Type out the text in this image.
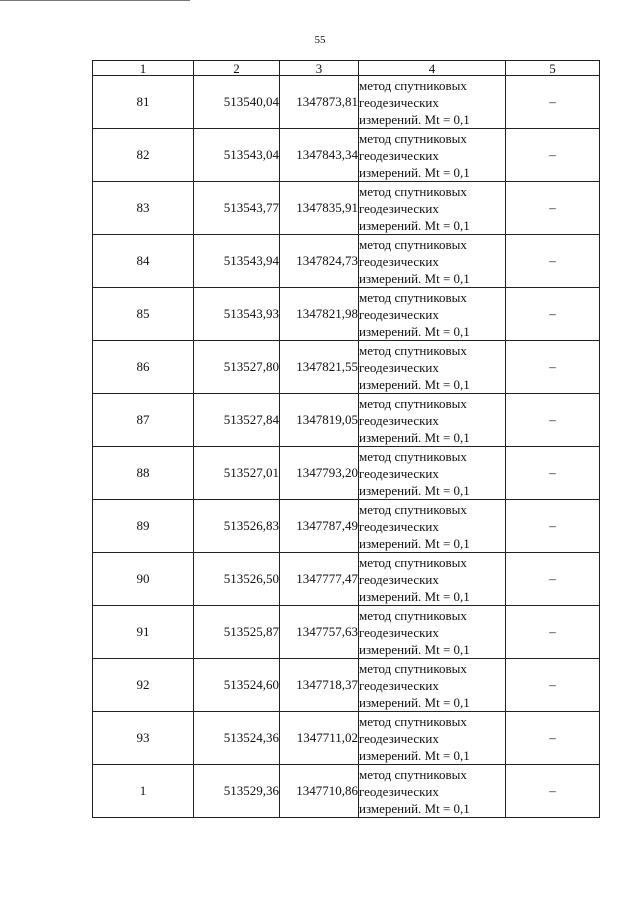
55
1	2	3	4	5
81	513540,04	1347873,81	метод спутниковых
геодезических
измерений. Mt = 0,1	–
82	513543,04	1347843,34	метод спутниковых
геодезических
измерений. Mt = 0,1	–
83	513543,77	1347835,91	метод спутниковых
геодезических
измерений. Mt = 0,1	–
84	513543,94	1347824,73	метод спутниковых
геодезических
измерений. Mt = 0,1	–
85	513543,93	1347821,98	метод спутниковых
геодезических
измерений. Mt = 0,1	–
86	513527,80	1347821,55	метод спутниковых
геодезических
измерений. Mt = 0,1	–
87	513527,84	1347819,05	метод спутниковых
геодезических
измерений. Mt = 0,1	–
88	513527,01	1347793,20	метод спутниковых
геодезических
измерений. Mt = 0,1	–
89	513526,83	1347787,49	метод спутниковых
геодезических
измерений. Mt = 0,1	–
90	513526,50	1347777,47	метод спутниковых
геодезических
измерений. Mt = 0,1	–
91	513525,87	1347757,63	метод спутниковых
геодезических
измерений. Mt = 0,1	–
92	513524,60	1347718,37	метод спутниковых
геодезических
измерений. Mt = 0,1	–
93	513524,36	1347711,02	метод спутниковых
геодезических
измерений. Mt = 0,1	–
1	513529,36	1347710,86	метод спутниковых
геодезических
измерений. Mt = 0,1	–
